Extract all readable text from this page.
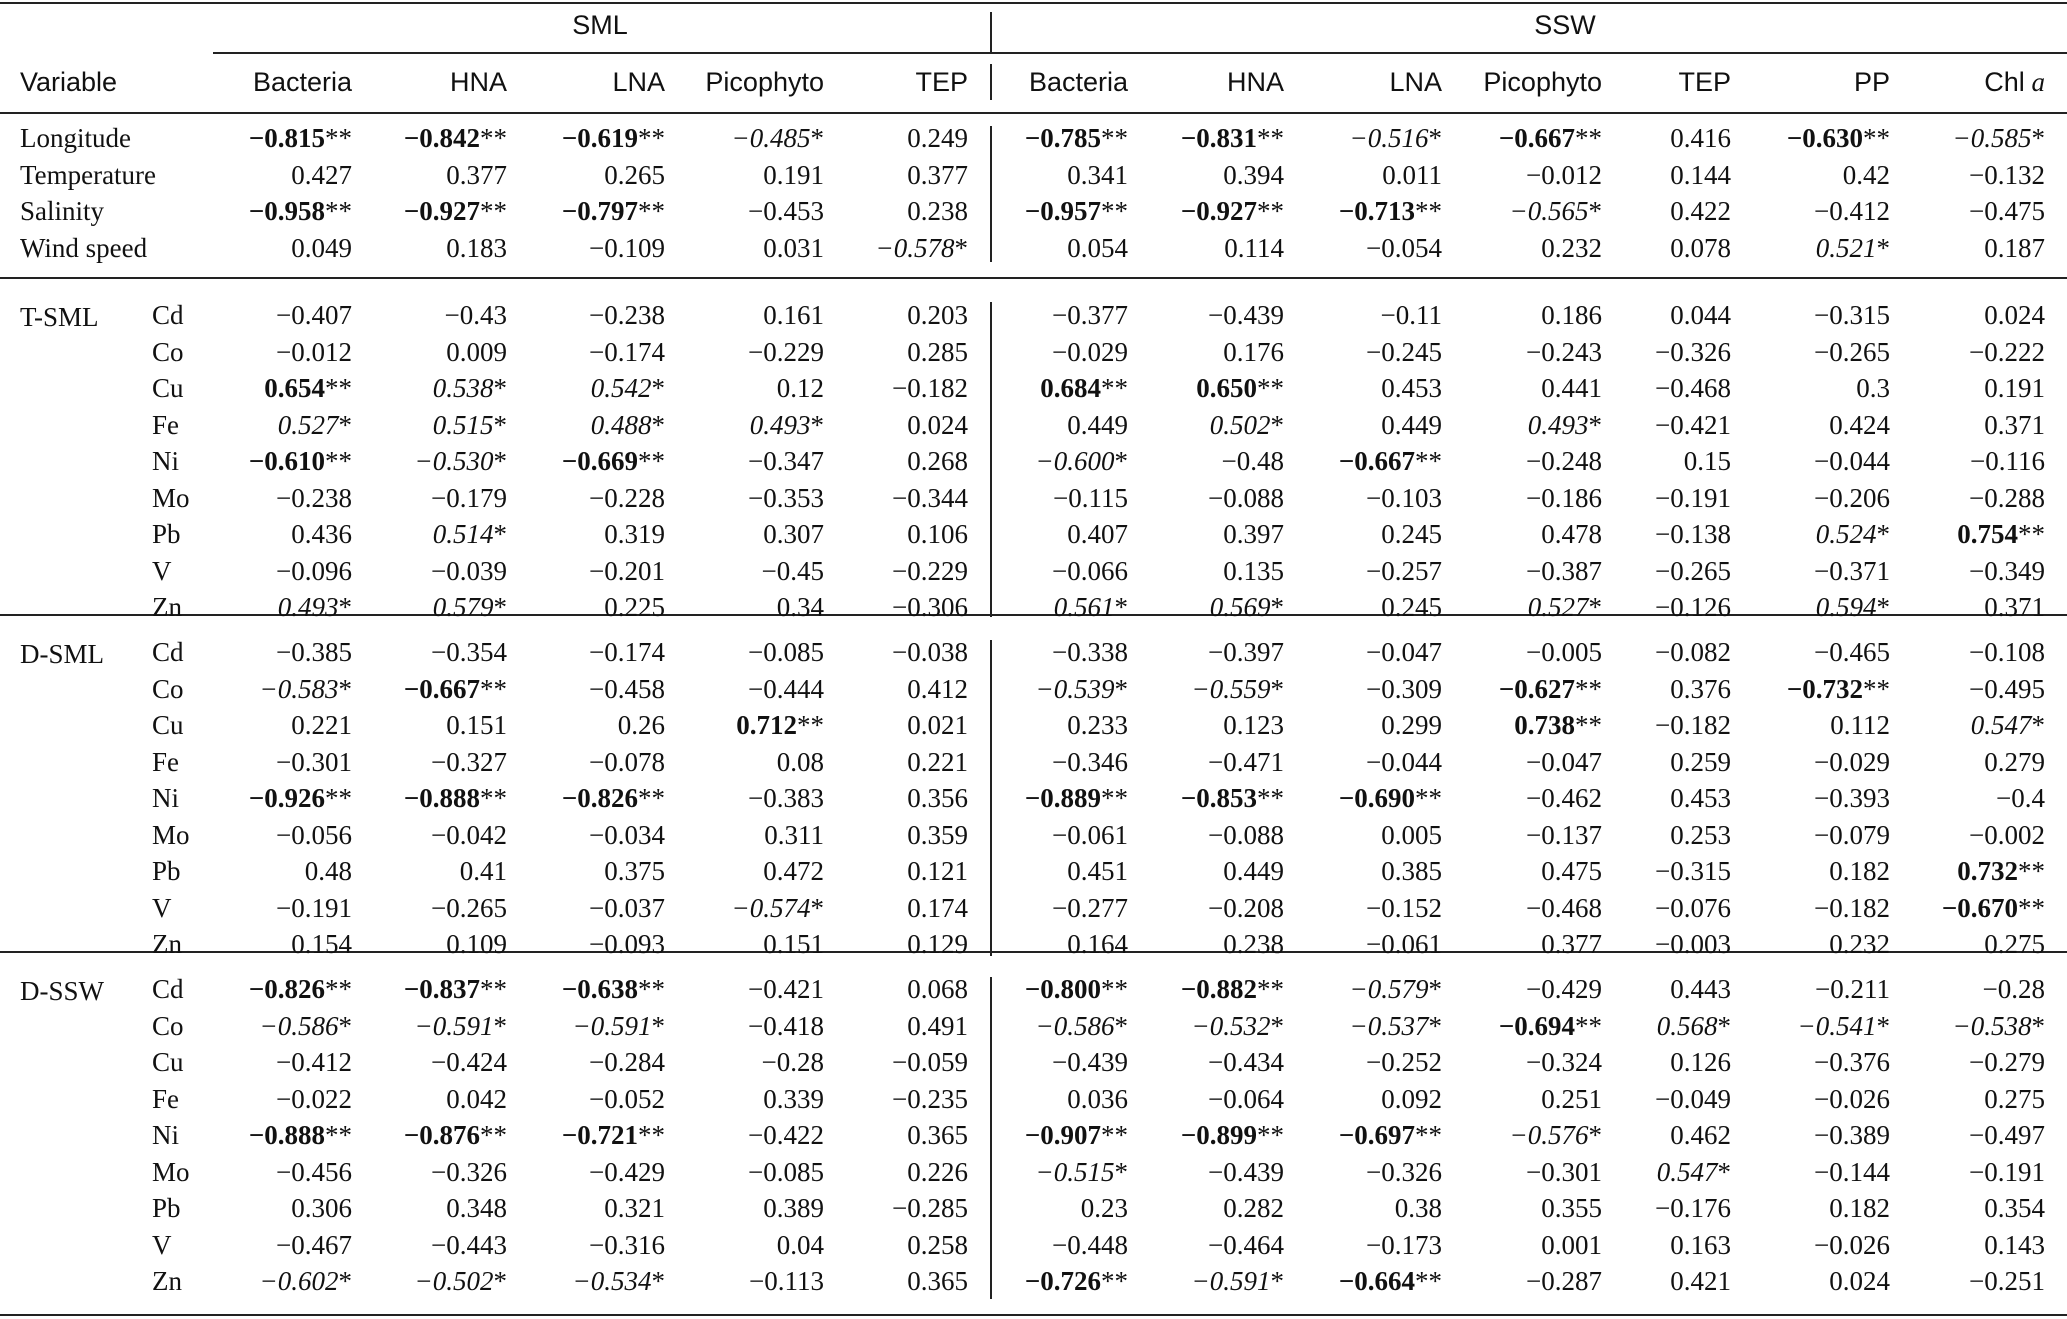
SML	SSW
Variable	Bacteria	HNA	LNA	Picophyto	TEP	Bacteria	HNA	LNA	Picophyto	TEP	PP	Chl a
Longitude	−0.815**	−0.842**	−0.619**	−0.485*	0.249	−0.785**	−0.831**	−0.516*	−0.667**	0.416	−0.630**	−0.585*
Temperature	0.427	0.377	0.265	0.191	0.377	0.341	0.394	0.011	−0.012	0.144	0.42	−0.132
Salinity	−0.958**	−0.927**	−0.797**	−0.453	0.238	−0.957**	−0.927**	−0.713**	−0.565*	0.422	−0.412	−0.475
Wind speed	0.049	0.183	−0.109	0.031	−0.578*	0.054	0.114	−0.054	0.232	0.078	0.521*	0.187
T-SML	Cd	−0.407	−0.43	−0.238	0.161	0.203	−0.377	−0.439	−0.11	0.186	0.044	−0.315	0.024
Co	−0.012	0.009	−0.174	−0.229	0.285	−0.029	0.176	−0.245	−0.243	−0.326	−0.265	−0.222
Cu	0.654**	0.538*	0.542*	0.12	−0.182	0.684**	0.650**	0.453	0.441	−0.468	0.3	0.191
Fe	0.527*	0.515*	0.488*	0.493*	0.024	0.449	0.502*	0.449	0.493*	−0.421	0.424	0.371
Ni	−0.610**	−0.530*	−0.669**	−0.347	0.268	−0.600*	−0.48	−0.667**	−0.248	0.15	−0.044	−0.116
Mo	−0.238	−0.179	−0.228	−0.353	−0.344	−0.115	−0.088	−0.103	−0.186	−0.191	−0.206	−0.288
Pb	0.436	0.514*	0.319	0.307	0.106	0.407	0.397	0.245	0.478	−0.138	0.524*	0.754**
V	−0.096	−0.039	−0.201	−0.45	−0.229	−0.066	0.135	−0.257	−0.387	−0.265	−0.371	−0.349
Zn	0.493*	0.579*	0.225	0.34	−0.306	0.561*	0.569*	0.245	0.527*	−0.126	0.594*	0.371
D-SML	Cd	−0.385	−0.354	−0.174	−0.085	−0.038	−0.338	−0.397	−0.047	−0.005	−0.082	−0.465	−0.108
Co	−0.583*	−0.667**	−0.458	−0.444	0.412	−0.539*	−0.559*	−0.309	−0.627**	0.376	−0.732**	−0.495
Cu	0.221	0.151	0.26	0.712**	0.021	0.233	0.123	0.299	0.738**	−0.182	0.112	0.547*
Fe	−0.301	−0.327	−0.078	0.08	0.221	−0.346	−0.471	−0.044	−0.047	0.259	−0.029	0.279
Ni	−0.926**	−0.888**	−0.826**	−0.383	0.356	−0.889**	−0.853**	−0.690**	−0.462	0.453	−0.393	−0.4
Mo	−0.056	−0.042	−0.034	0.311	0.359	−0.061	−0.088	0.005	−0.137	0.253	−0.079	−0.002
Pb	0.48	0.41	0.375	0.472	0.121	0.451	0.449	0.385	0.475	−0.315	0.182	0.732**
V	−0.191	−0.265	−0.037	−0.574*	0.174	−0.277	−0.208	−0.152	−0.468	−0.076	−0.182	−0.670**
Zn	0.154	0.109	−0.093	0.151	0.129	0.164	0.238	−0.061	0.377	−0.003	0.232	0.275
D-SSW	Cd	−0.826**	−0.837**	−0.638**	−0.421	0.068	−0.800**	−0.882**	−0.579*	−0.429	0.443	−0.211	−0.28
Co	−0.586*	−0.591*	−0.591*	−0.418	0.491	−0.586*	−0.532*	−0.537*	−0.694**	0.568*	−0.541*	−0.538*
Cu	−0.412	−0.424	−0.284	−0.28	−0.059	−0.439	−0.434	−0.252	−0.324	0.126	−0.376	−0.279
Fe	−0.022	0.042	−0.052	0.339	−0.235	0.036	−0.064	0.092	0.251	−0.049	−0.026	0.275
Ni	−0.888**	−0.876**	−0.721**	−0.422	0.365	−0.907**	−0.899**	−0.697**	−0.576*	0.462	−0.389	−0.497
Mo	−0.456	−0.326	−0.429	−0.085	0.226	−0.515*	−0.439	−0.326	−0.301	0.547*	−0.144	−0.191
Pb	0.306	0.348	0.321	0.389	−0.285	0.23	0.282	0.38	0.355	−0.176	0.182	0.354
V	−0.467	−0.443	−0.316	0.04	0.258	−0.448	−0.464	−0.173	0.001	0.163	−0.026	0.143
Zn	−0.602*	−0.502*	−0.534*	−0.113	0.365	−0.726**	−0.591*	−0.664**	−0.287	0.421	0.024	−0.251
